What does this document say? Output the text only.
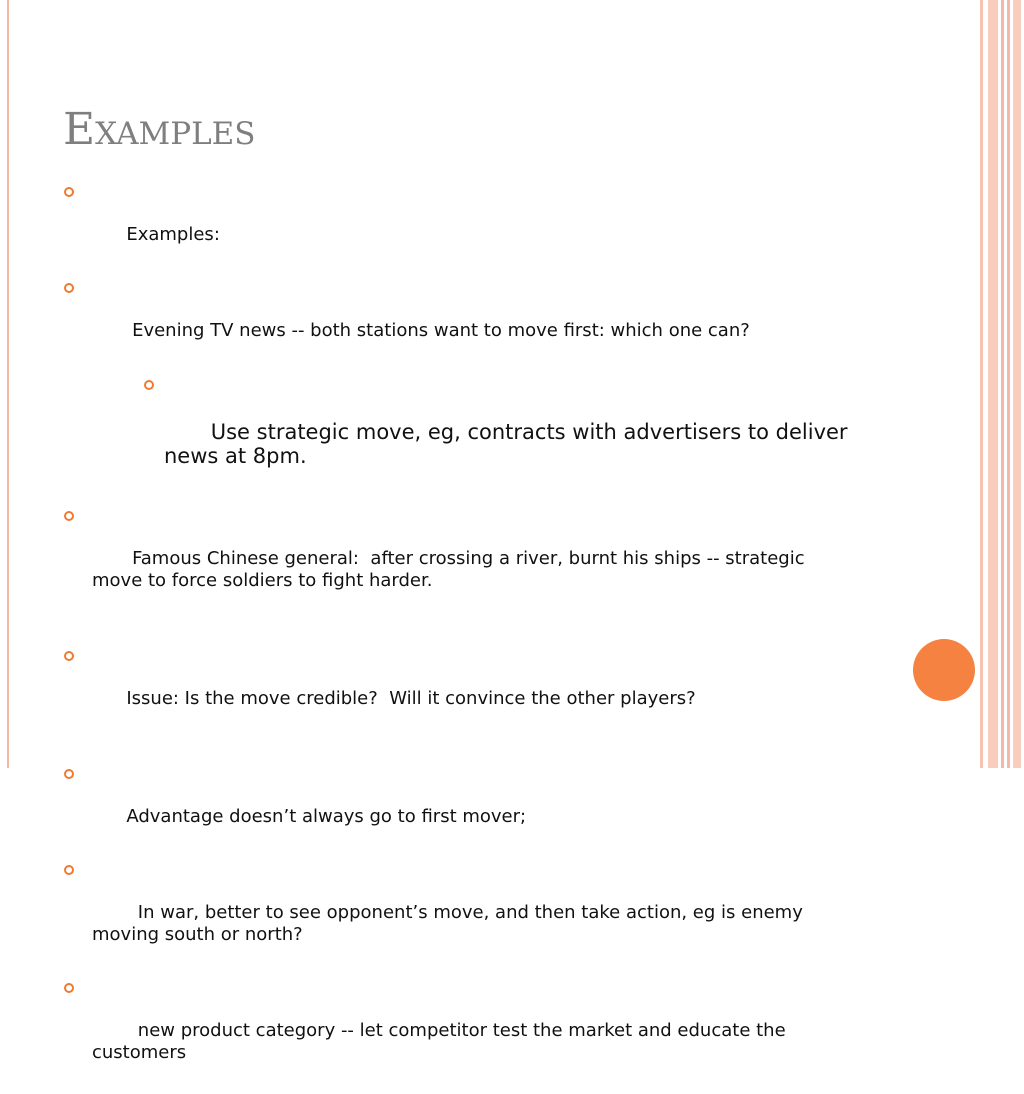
Examples

Examples:

Evening TV news -- both stations want to move first: which one can?

Use strategic move, eg, contracts with advertisers to deliver news at 8pm.

Famous Chinese general:  after crossing a river, burnt his ships -- strategic move to force soldiers to fight harder.

Issue: Is the move credible?  Will it convince the other players?

Advantage doesn’t always go to first mover;

In war, better to see opponent’s move, and then take action, eg is enemy moving south or north?

new product category -- let competitor test the market and educate the customers
